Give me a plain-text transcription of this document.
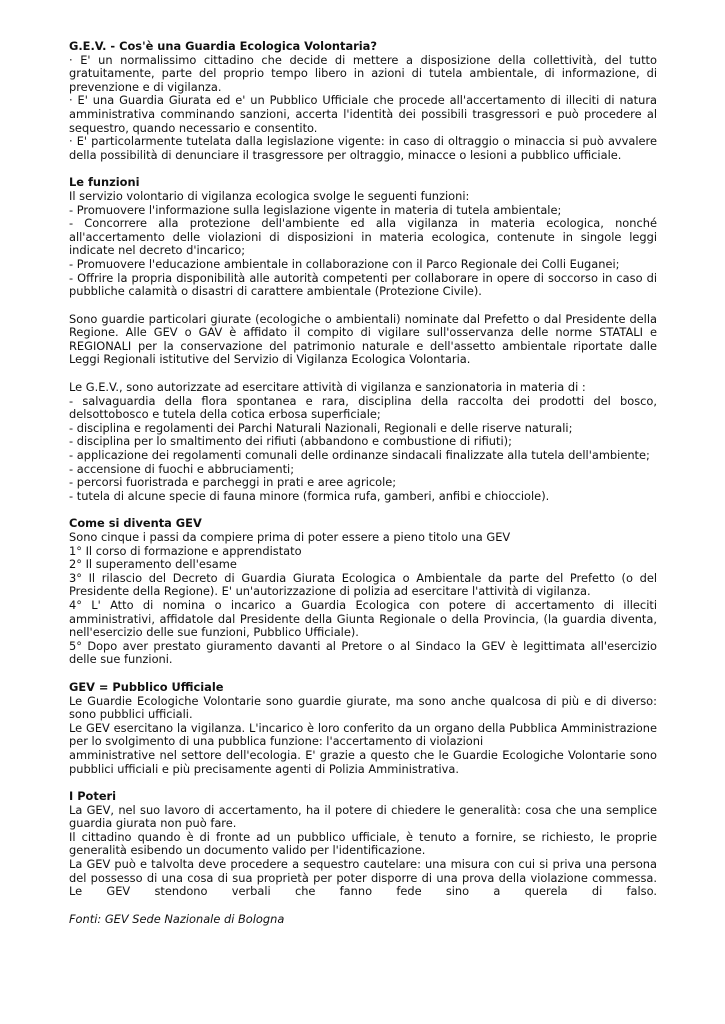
G.E.V. - Cos'è una Guardia Ecologica Volontaria?
· E' un normalissimo cittadino che decide di mettere a disposizione della collettività, del tutto gratuitamente, parte del proprio tempo libero in azioni di tutela ambientale, di informazione, di prevenzione e di vigilanza.
· E' una Guardia Giurata ed e' un Pubblico Ufficiale che procede all'accertamento di illeciti di natura amministrativa comminando sanzioni, accerta l'identità dei possibili trasgressori e può procedere al sequestro, quando necessario e consentito.
· E' particolarmente tutelata dalla legislazione vigente: in caso di oltraggio o minaccia si può avvalere della possibilità di denunciare il trasgressore per oltraggio, minacce o lesioni a pubblico ufficiale.
Le funzioni
Il servizio volontario di vigilanza ecologica svolge le seguenti funzioni:
- Promuovere l'informazione sulla legislazione vigente in materia di tutela ambientale;
- Concorrere alla protezione dell'ambiente ed alla vigilanza in materia ecologica, nonché all'accertamento delle violazioni di disposizioni in materia ecologica, contenute in singole leggi indicate nel decreto d'incarico;
- Promuovere l'educazione ambientale in collaborazione con il Parco Regionale dei Colli Euganei;
- Offrire la propria disponibilità alle autorità competenti per collaborare in opere di soccorso in caso di pubbliche calamità o disastri di carattere ambientale (Protezione Civile).
Sono guardie particolari giurate (ecologiche o ambientali) nominate dal Prefetto o dal Presidente della Regione. Alle GEV o GAV è affidato il compito di vigilare sull'osservanza delle norme STATALI e REGIONALI per la conservazione del patrimonio naturale e dell'assetto ambientale riportate dalle Leggi Regionali istitutive del Servizio di Vigilanza Ecologica Volontaria.
Le G.E.V., sono autorizzate ad esercitare attività di vigilanza e sanzionatoria in materia di :
- salvaguardia della flora spontanea e rara, disciplina della raccolta dei prodotti del bosco, delsottobosco e tutela della cotica erbosa superficiale;
- disciplina e regolamenti dei Parchi Naturali Nazionali, Regionali e delle riserve naturali;
- disciplina per lo smaltimento dei rifiuti (abbandono e combustione di rifiuti);
- applicazione dei regolamenti comunali delle ordinanze sindacali finalizzate alla tutela dell'ambiente;
- accensione di fuochi e abbruciamenti;
- percorsi fuoristrada e parcheggi in prati e aree agricole;
- tutela di alcune specie di fauna minore (formica rufa, gamberi, anfibi e chiocciole).
Come si diventa GEV
Sono cinque i passi da compiere prima di poter essere a pieno titolo una GEV
1° Il corso di formazione e apprendistato
2° Il superamento dell'esame
3° Il rilascio del Decreto di Guardia Giurata Ecologica o Ambientale da parte del Prefetto (o del Presidente della Regione). E' un'autorizzazione di polizia ad esercitare l'attività di vigilanza.
4° L' Atto di nomina o incarico a Guardia Ecologica con potere di accertamento di illeciti amministrativi, affidatole dal Presidente della Giunta Regionale o della Provincia, (la guardia diventa, nell'esercizio delle sue funzioni, Pubblico Ufficiale).
5° Dopo aver prestato giuramento davanti al Pretore o al Sindaco la GEV è legittimata all'esercizio delle sue funzioni.
GEV = Pubblico Ufficiale
Le Guardie Ecologiche Volontarie sono guardie giurate, ma sono anche qualcosa di più e di diverso: sono pubblici ufficiali.
Le GEV esercitano la vigilanza. L'incarico è loro conferito da un organo della Pubblica Amministrazione per lo svolgimento di una pubblica funzione: l'accertamento di violazioni
amministrative nel settore dell'ecologia. E' grazie a questo che le Guardie Ecologiche Volontarie sono pubblici ufficiali e più precisamente agenti di Polizia Amministrativa.
I Poteri
La GEV, nel suo lavoro di accertamento, ha il potere di chiedere le generalità: cosa che una semplice guardia giurata non può fare.
Il cittadino quando è di fronte ad un pubblico ufficiale, è tenuto a fornire, se richiesto, le proprie generalità esibendo un documento valido per l'identificazione.
La GEV può e talvolta deve procedere a sequestro cautelare: una misura con cui si priva una persona del possesso di una cosa di sua proprietà per poter disporre di una prova della violazione commessa. Le GEV stendono verbali che fanno fede sino a querela di falso.
Fonti: GEV Sede Nazionale di Bologna
